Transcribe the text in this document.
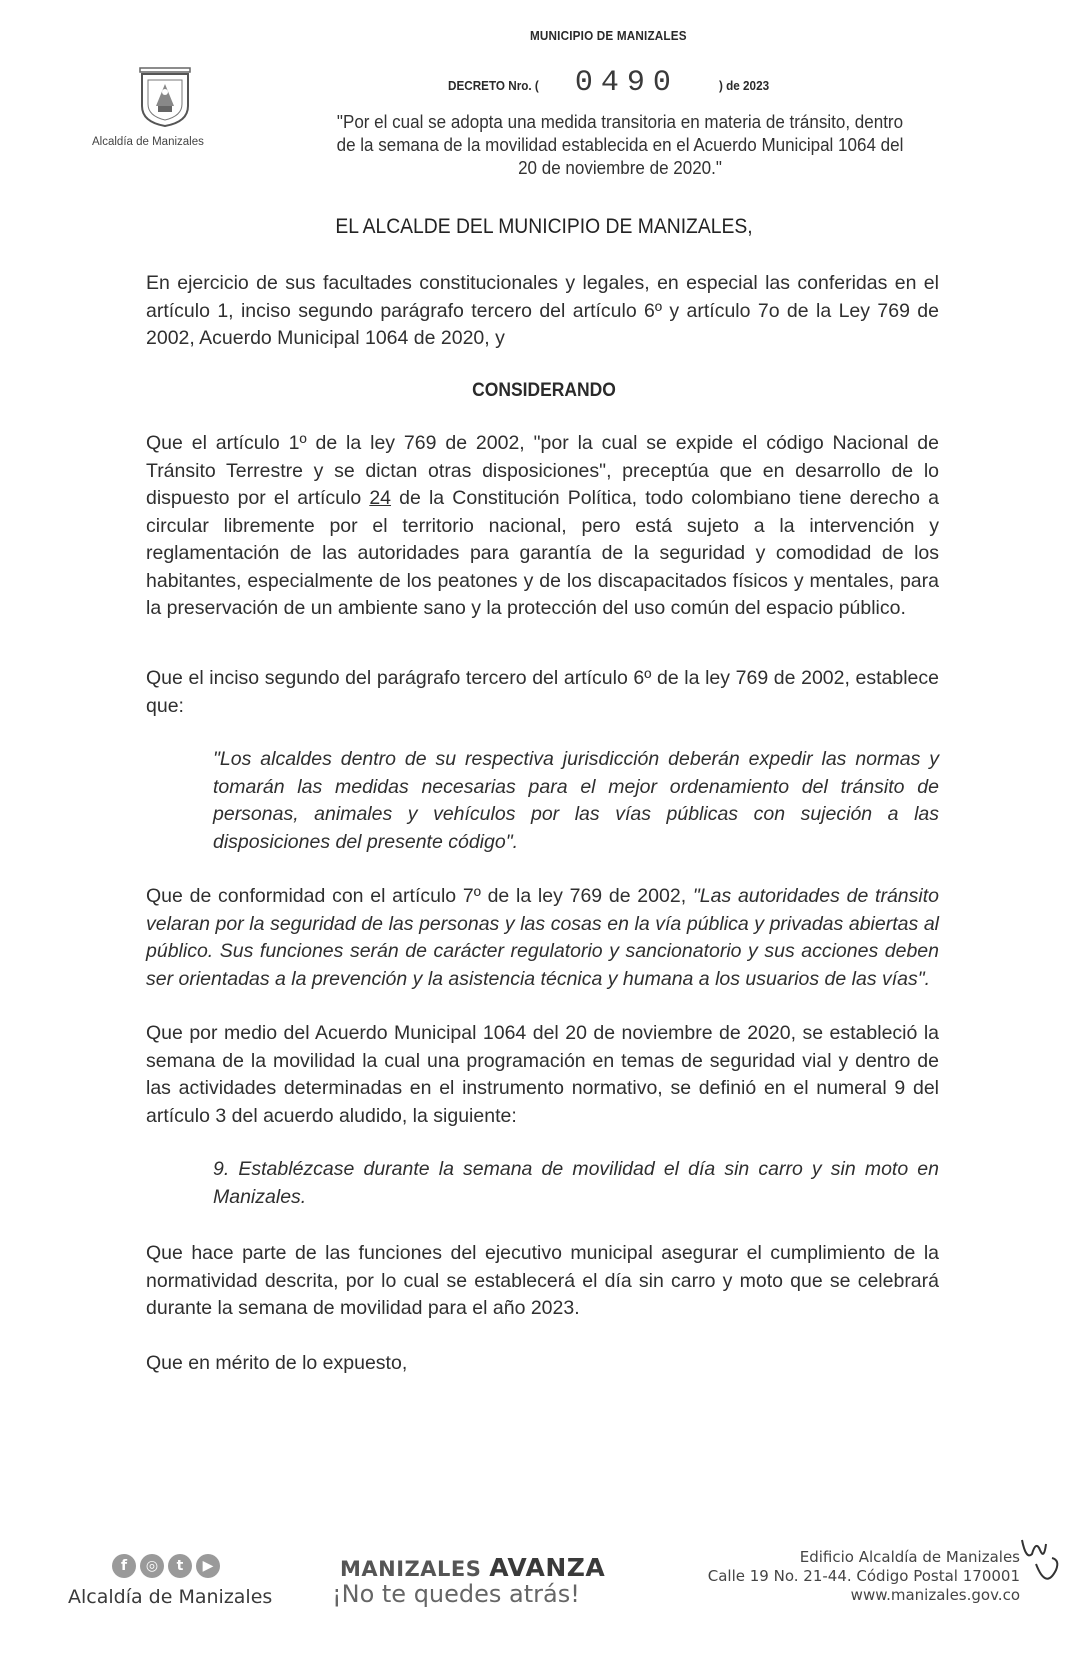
MUNICIPIO DE MANIZALES
DECRETO Nro. ( 0490	) de 2023
Alcaldía de Manizales
"Por el cual se adopta una medida transitoria en materia de tránsito, dentro de la semana de la movilidad establecida en el Acuerdo Municipal 1064 del 20 de noviembre de 2020."
EL ALCALDE DEL MUNICIPIO DE MANIZALES,
En ejercicio de sus facultades constitucionales y legales, en especial las conferidas en el artículo 1, inciso segundo parágrafo tercero del artículo 6º y artículo 7o de la Ley 769 de 2002, Acuerdo Municipal 1064 de 2020, y
CONSIDERANDO
Que el artículo 1º de la ley 769 de 2002, "por la cual se expide el código Nacional de Tránsito Terrestre y se dictan otras disposiciones", preceptúa que en desarrollo de lo dispuesto por el artículo 24 de la Constitución Política, todo colombiano tiene derecho a circular libremente por el territorio nacional, pero está sujeto a la intervención y reglamentación de las autoridades para garantía de la seguridad y comodidad de los habitantes, especialmente de los peatones y de los discapacitados físicos y mentales, para la preservación de un ambiente sano y la protección del uso común del espacio público.
Que el inciso segundo del parágrafo tercero del artículo 6º de la ley 769 de 2002, establece que:
"Los alcaldes dentro de su respectiva jurisdicción deberán expedir las normas y tomarán las medidas necesarias para el mejor ordenamiento del tránsito de personas, animales y vehículos por las vías públicas con sujeción a las disposiciones del presente código".
Que de conformidad con el artículo 7º de la ley 769 de 2002, "Las autoridades de tránsito velaran por la seguridad de las personas y las cosas en la vía pública y privadas abiertas al público. Sus funciones serán de carácter regulatorio y sancionatorio y sus acciones deben ser orientadas a la prevención y la asistencia técnica y humana a los usuarios de las vías".
Que por medio del Acuerdo Municipal 1064 del 20 de noviembre de 2020, se estableció la semana de la movilidad la cual una programación en temas de seguridad vial y dentro de las actividades determinadas en el instrumento normativo, se definió en el numeral 9 del artículo 3 del acuerdo aludido, la siguiente:
9. Establézcase durante la semana de movilidad el día sin carro y sin moto en Manizales.
Que hace parte de las funciones del ejecutivo municipal asegurar el cumplimiento de la normatividad descrita, por lo cual se establecerá el día sin carro y moto que se celebrará durante la semana de movilidad para el año 2023.
Que en mérito de lo expuesto,
f	◎	t	▶
Alcaldía de Manizales
MANIZALES AVANZA
¡No te quedes atrás!
Edificio Alcaldía de Manizales
Calle 19 No. 21-44. Código Postal 170001
www.manizales.gov.co
